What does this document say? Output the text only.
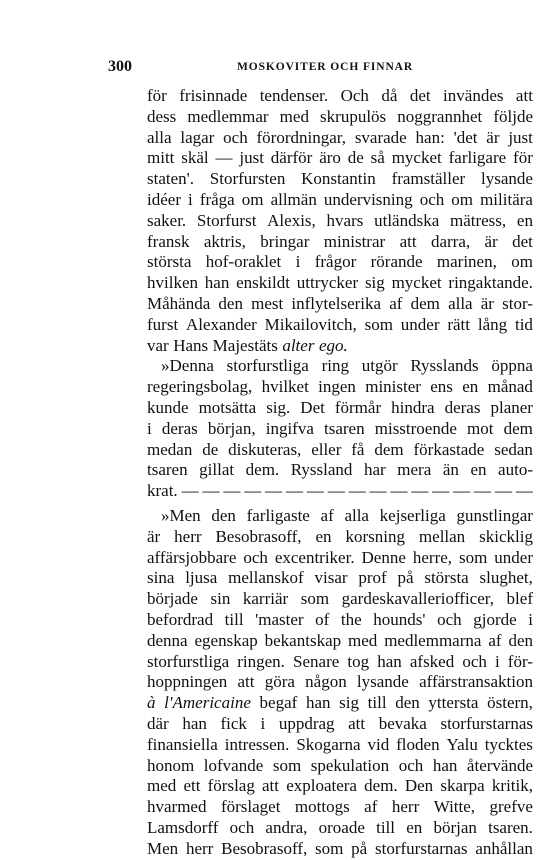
300	MOSKOVITER OCH FINNAR
för frisinnade tendenser. Och då det invändes att
dess medlemmar med skrupulös noggrannhet följde
alla lagar och förordningar, svarade han: 'det är just
mitt skäl — just därför äro de så mycket farligare för
staten'. Storfursten Konstantin framställer lysande
idéer i fråga om allmän undervisning och om militära
saker. Storfurst Alexis, hvars utländska mätress, en
fransk aktris, bringar ministrar att darra, är det
största hof-oraklet i frågor rörande marinen, om
hvilken han enskildt uttrycker sig mycket ringaktande.
Måhända den mest inflytelserika af dem alla är stor-
furst Alexander Mikailovitch, som under rätt lång tid
var Hans Majestäts alter ego.
»Denna storfurstliga ring utgör Rysslands öppna
regeringsbolag, hvilket ingen minister ens en månad
kunde motsätta sig. Det förmår hindra deras planer
i deras början, ingifva tsaren misstroende mot dem
medan de diskuteras, eller få dem förkastade sedan
tsaren gillat dem. Ryssland har mera än en auto-
krat. — — — — — — — — — — — — — — — — —
»Men den farligaste af alla kejserliga gunstlingar
är herr Besobrasoff, en korsning mellan skicklig
affärsjobbare och excentriker. Denne herre, som under
sina ljusa mellanskof visar prof på största slughet,
började sin karriär som gardeskavalleriofficer, blef
befordrad till 'master of the hounds' och gjorde i
denna egenskap bekantskap med medlemmarna af den
storfurstliga ringen. Senare tog han afsked och i för-
hoppningen att göra någon lysande affärstransaktion
à l'Americaine begaf han sig till den yttersta östern,
där han fick i uppdrag att bevaka storfurstarnas
finansiella intressen. Skogarna vid floden Yalu tycktes
honom lofvande som spekulation och han återvände
med ett förslag att exploatera dem. Den skarpa kritik,
hvarmed förslaget mottogs af herr Witte, grefve
Lamsdorff och andra, oroade till en början tsaren.
Men herr Besobrasoff, som på storfurstarnas anhållan
